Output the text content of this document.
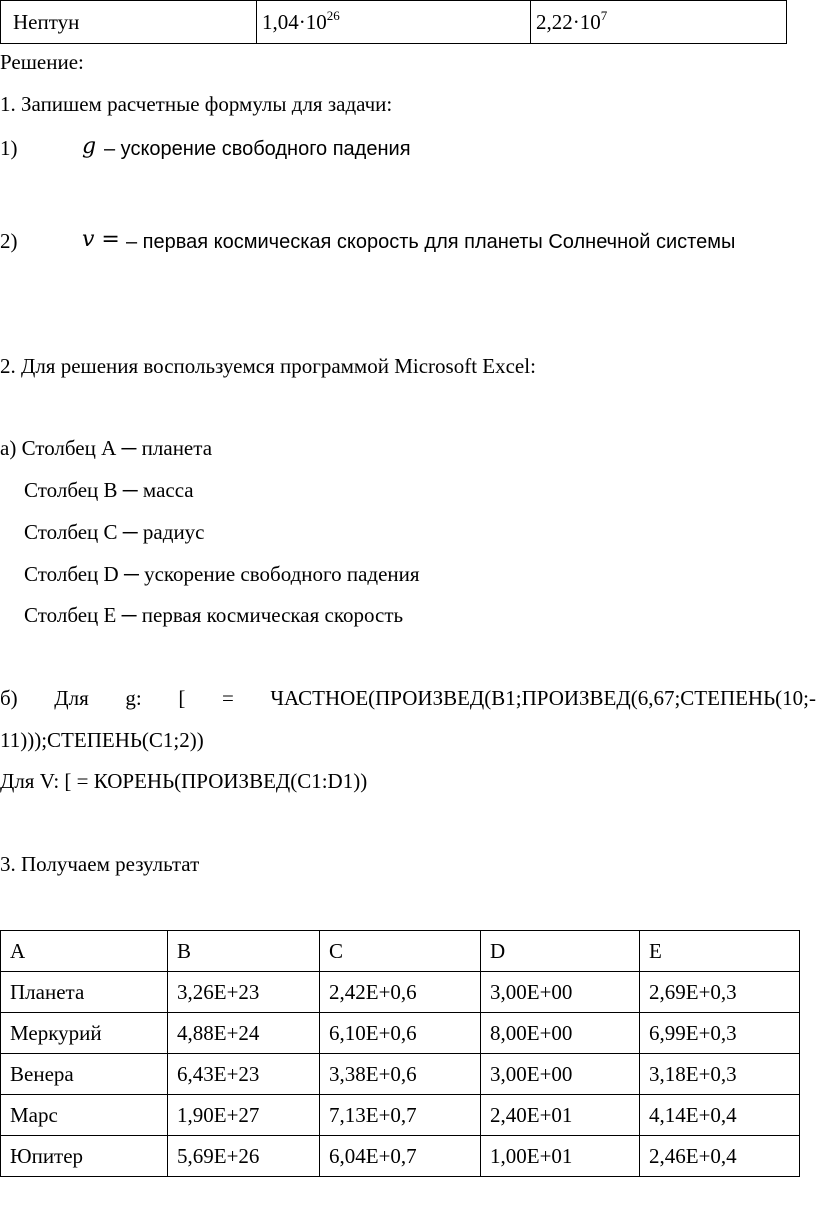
Нептун	$1,04\cdot 10^{26}$	$2,22\cdot 10^7$
Решение:
1. Запишем расчетные формулы для задачи:
1)	g – ускорение свободного падения
2)	v = – первая космическая скорость для планеты Солнечной системы
2. Для решения воспользуемся программой Microsoft Excel:
а) Столбец А ─ планета
Столбец В ─ масса
Столбец С ─ радиус
Столбец D ─ ускорение свободного падения
Столбец E ─ первая космическая скорость
б) Для g: [ = ЧАСТНОЕ(ПРОИЗВЕД(B1;ПРОИЗВЕД(6,67;СТЕПЕНЬ(10;-
11)));СТЕПЕНЬ(C1;2))
Для V: [ = КОРЕНЬ(ПРОИЗВЕД(C1:D1))
3. Получаем результат
A	B	C	D	E
Планета	3,26E+23	2,42E+0,6	3,00E+00	2,69E+0,3
Меркурий	4,88E+24	6,10E+0,6	8,00E+00	6,99E+0,3
Венера	6,43E+23	3,38E+0,6	3,00E+00	3,18E+0,3
Марс	1,90E+27	7,13E+0,7	2,40E+01	4,14E+0,4
Юпитер	5,69E+26	6,04E+0,7	1,00E+01	2,46E+0,4
